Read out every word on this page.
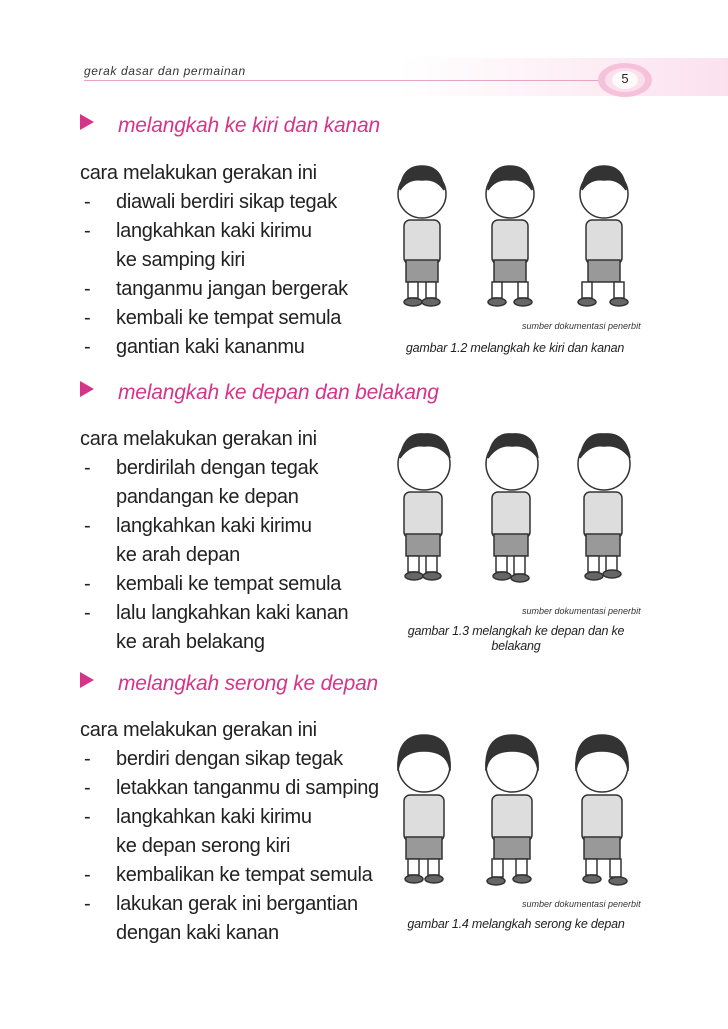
gerak dasar dan permainan	5
melangkah ke kiri dan kanan
cara melakukan gerakan ini
- diawali berdiri sikap tegak
- langkahkan kaki kirimu
ke samping kiri
- tanganmu jangan bergerak
- kembali ke tempat semula
- gantian kaki kananmu
sumber dokumentasi penerbit
gambar 1.2 melangkah ke kiri dan kanan
melangkah ke depan dan belakang
cara melakukan gerakan ini
- berdirilah dengan tegak
pandangan ke depan
- langkahkan kaki kirimu
ke arah depan
- kembali ke tempat semula
- lalu langkahkan kaki kanan
ke arah belakang
sumber dokumentasi penerbit
gambar 1.3 melangkah ke depan dan ke belakang
melangkah serong ke depan
cara melakukan gerakan ini
- berdiri dengan sikap tegak
- letakkan tanganmu di samping
- langkahkan kaki kirimu
ke depan serong kiri
- kembalikan ke tempat semula
- lakukan gerak ini bergantian
dengan kaki kanan
sumber dokumentasi penerbit
gambar 1.4 melangkah serong ke depan
